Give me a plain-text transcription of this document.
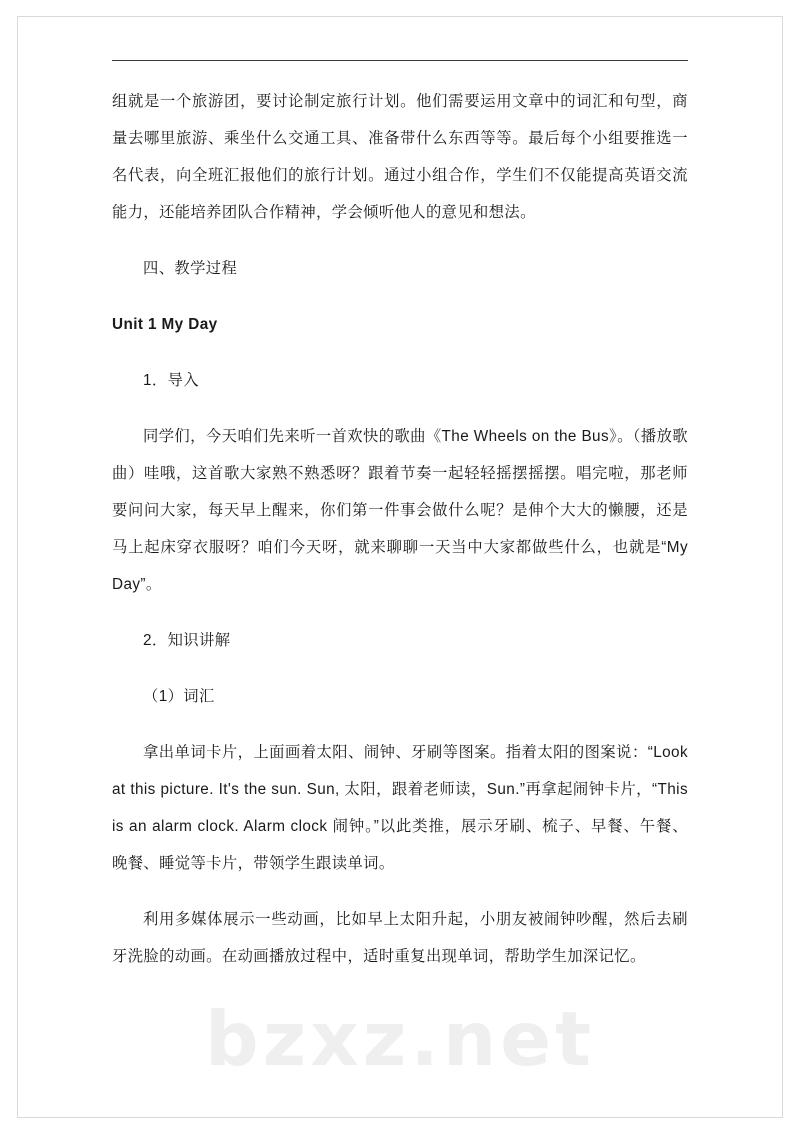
组就是一个旅游团，要讨论制定旅行计划。他们需要运用文章中的词汇和句型，商量去哪里旅游、乘坐什么交通工具、准备带什么东西等等。最后每个小组要推选一名代表，向全班汇报他们的旅行计划。通过小组合作，学生们不仅能提高英语交流能力，还能培养团队合作精神，学会倾听他人的意见和想法。

四、教学过程

Unit 1 My Day

1．导入

同学们，今天咱们先来听一首欢快的歌曲《The Wheels on the Bus》。（播放歌曲）哇哦，这首歌大家熟不熟悉呀？跟着节奏一起轻轻摇摆摇摆。唱完啦，那老师要问问大家，每天早上醒来，你们第一件事会做什么呢？是伸个大大的懒腰，还是马上起床穿衣服呀？咱们今天呀，就来聊聊一天当中大家都做些什么，也就是“My Day”。

2．知识讲解

（1）词汇

拿出单词卡片，上面画着太阳、闹钟、牙刷等图案。指着太阳的图案说：“Look at this picture. It's the sun. Sun, 太阳，跟着老师读，Sun.”再拿起闹钟卡片，“This is an alarm clock. Alarm clock 闹钟。”以此类推，展示牙刷、梳子、早餐、午餐、晚餐、睡觉等卡片，带领学生跟读单词。

利用多媒体展示一些动画，比如早上太阳升起，小朋友被闹钟吵醒，然后去刷牙洗脸的动画。在动画播放过程中，适时重复出现单词，帮助学生加深记忆。

bzxz.net
